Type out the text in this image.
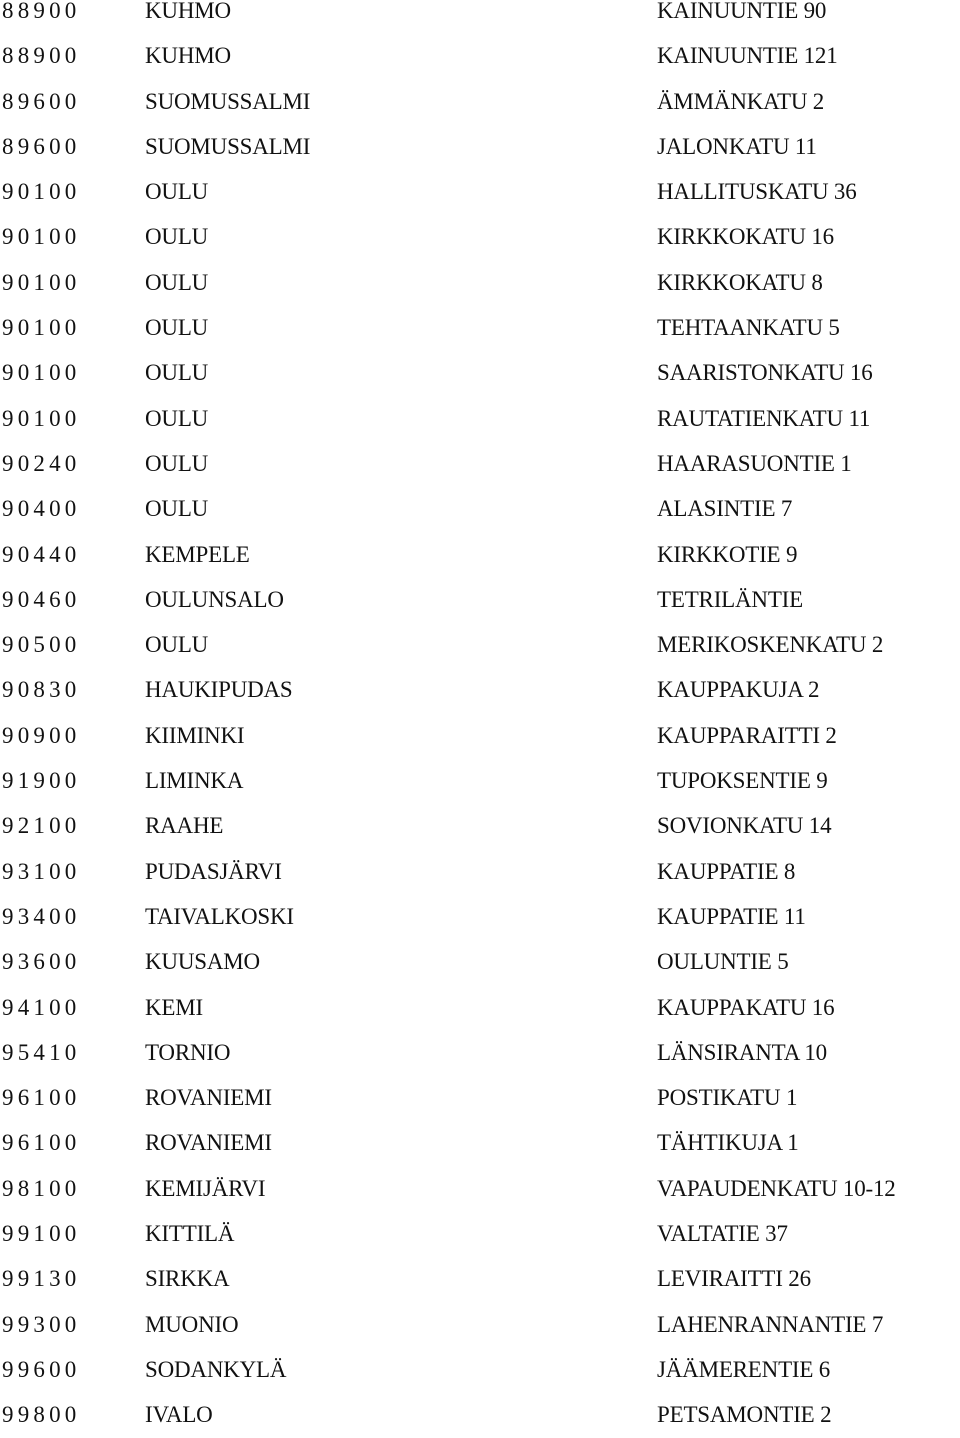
88900	KUHMO	KAINUUNTIE 90
88900	KUHMO	KAINUUNTIE 121
89600	SUOMUSSALMI	ÄMMÄNKATU 2
89600	SUOMUSSALMI	JALONKATU 11
90100	OULU	HALLITUSKATU 36
90100	OULU	KIRKKOKATU 16
90100	OULU	KIRKKOKATU 8
90100	OULU	TEHTAANKATU 5
90100	OULU	SAARISTONKATU 16
90100	OULU	RAUTATIENKATU 11
90240	OULU	HAARASUONTIE 1
90400	OULU	ALASINTIE 7
90440	KEMPELE	KIRKKOTIE 9
90460	OULUNSALO	TETRILÄNTIE
90500	OULU	MERIKOSKENKATU 2
90830	HAUKIPUDAS	KAUPPAKUJA 2
90900	KIIMINKI	KAUPPARAITTI 2
91900	LIMINKA	TUPOKSENTIE 9
92100	RAAHE	SOVIONKATU 14
93100	PUDASJÄRVI	KAUPPATIE 8
93400	TAIVALKOSKI	KAUPPATIE 11
93600	KUUSAMO	OULUNTIE 5
94100	KEMI	KAUPPAKATU 16
95410	TORNIO	LÄNSIRANTA 10
96100	ROVANIEMI	POSTIKATU 1
96100	ROVANIEMI	TÄHTIKUJA 1
98100	KEMIJÄRVI	VAPAUDENKATU 10-12
99100	KITTILÄ	VALTATIE 37
99130	SIRKKA	LEVIRAITTI 26
99300	MUONIO	LAHENRANNANTIE 7
99600	SODANKYLÄ	JÄÄMERENTIE 6
99800	IVALO	PETSAMONTIE 2
